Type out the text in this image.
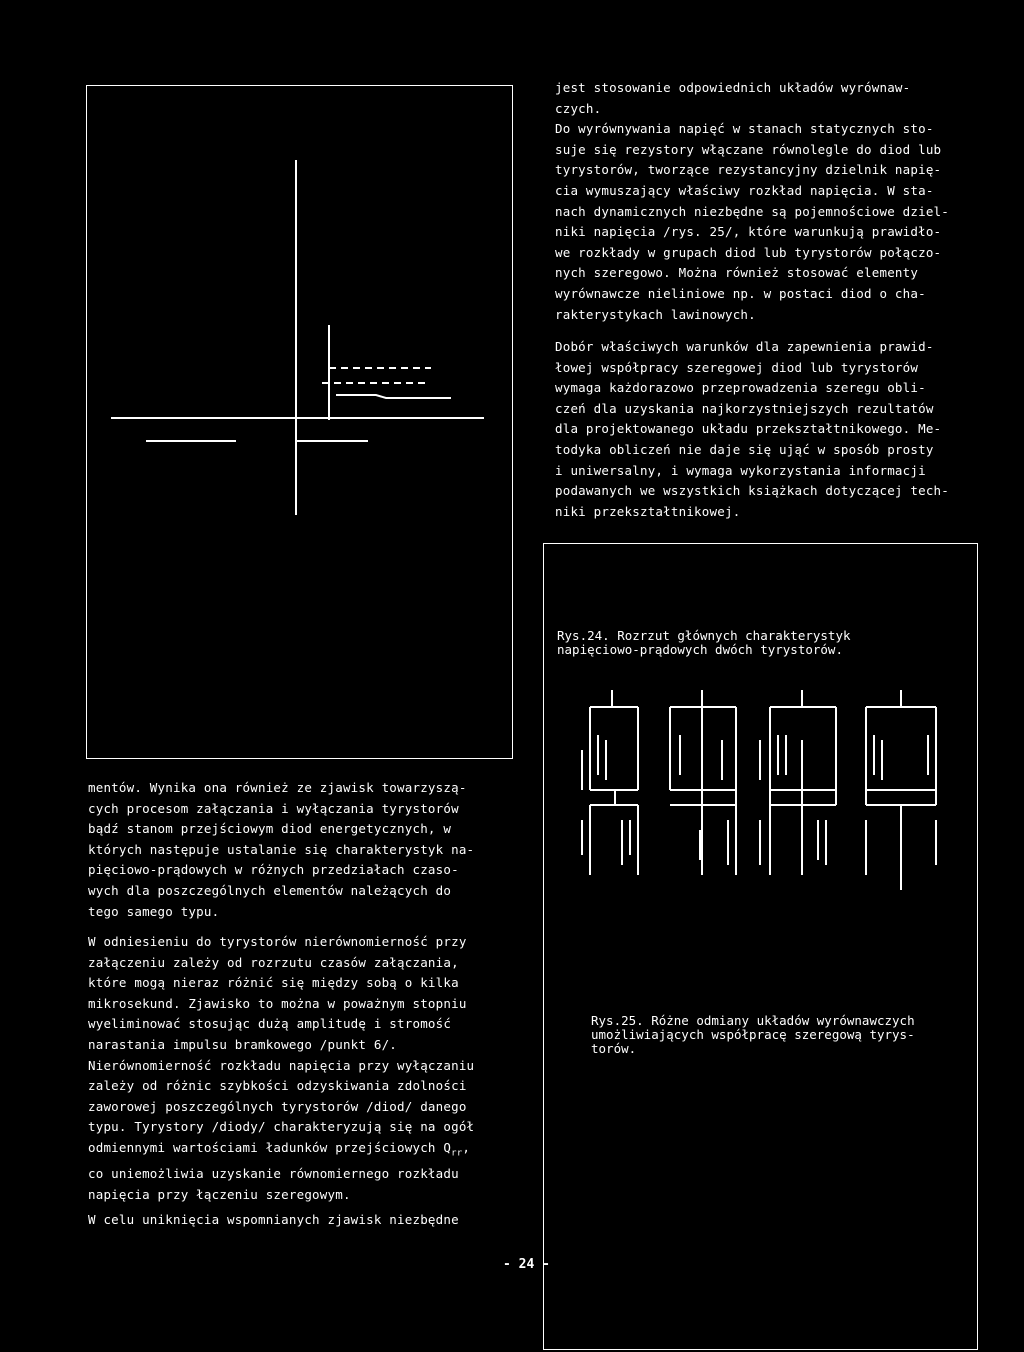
jest stosowanie odpowiednich układów wyrównaw-

czych.

Do wyrównywania napięć w stanach statycznych sto-

suje się rezystory włączane równolegle do diod lub

tyrystorów, tworzące rezystancyjny dzielnik napię-

cia wymuszający właściwy rozkład napięcia. W sta-

nach dynamicznych niezbędne są pojemnościowe dziel-

niki napięcia /rys. 25/, które warunkują prawidło-

we rozkłady w grupach diod lub tyrystorów połączo-

nych szeregowo. Można również stosować elementy

wyrównawcze nieliniowe np. w postaci diod o cha-

rakterystykach lawinowych.

Dobór właściwych warunków dla zapewnienia prawid-

łowej współpracy szeregowej diod lub tyrystorów

wymaga każdorazowo przeprowadzenia szeregu obli-

czeń dla uzyskania najkorzystniejszych rezultatów

dla projektowanego układu przekształtnikowego. Me-

todyka obliczeń nie daje się ująć w sposób prosty

i uniwersalny, i wymaga wykorzystania informacji

podawanych we wszystkich książkach dotyczącej tech-

niki przekształtnikowej.

Rys.24. Rozrzut głównych charakterystyk

napięciowo-prądowych dwóch tyrystorów.

Rys.25. Różne odmiany układów wyrównawczych

umożliwiających współpracę szeregową tyrys-

torów.

mentów. Wynika ona również ze zjawisk towarzyszą-

cych procesom załączania i wyłączania tyrystorów

bądź stanom przejściowym diod energetycznych, w

których następuje ustalanie się charakterystyk na-

pięciowo-prądowych w różnych przedziałach czaso-

wych dla poszczególnych elementów należących do

tego samego typu.

W odniesieniu do tyrystorów nierównomierność przy

załączeniu zależy od rozrzutu czasów załączania,

które mogą nieraz różnić się między sobą o kilka

mikrosekund. Zjawisko to można w poważnym stopniu

wyeliminować stosując dużą amplitudę i stromość

narastania impulsu bramkowego /punkt 6/.

Nierównomierność rozkładu napięcia przy wyłączaniu

zależy od różnic szybkości odzyskiwania zdolności

zaworowej poszczególnych tyrystorów /diod/ danego

typu. Tyrystory /diody/ charakteryzują się na ogół

odmiennymi wartościami ładunków przejściowych $Q_{rr}$,

co uniemożliwia uzyskanie równomiernego rozkładu

napięcia przy łączeniu szeregowym.

W celu uniknięcia wspomnianych zjawisk niezbędne

- 24 -
